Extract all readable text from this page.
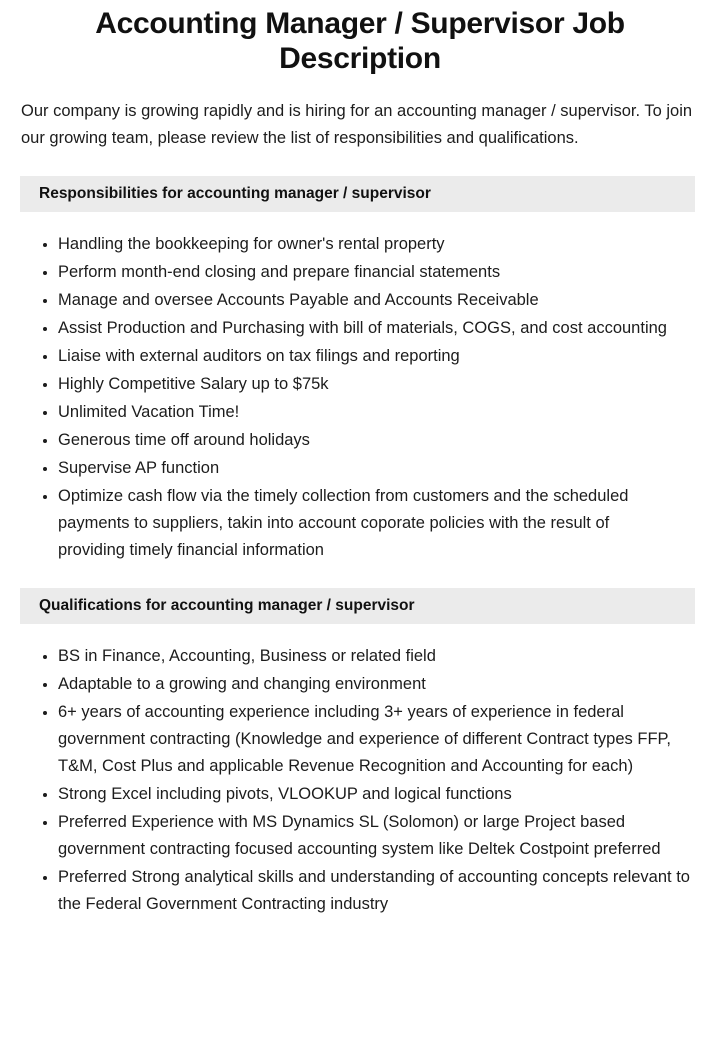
Accounting Manager / Supervisor Job Description

Our company is growing rapidly and is hiring for an accounting manager / supervisor. To join our growing team, please review the list of responsibilities and qualifications.

Responsibilities for accounting manager / supervisor
Handling the bookkeeping for owner's rental property
Perform month-end closing and prepare financial statements
Manage and oversee Accounts Payable and Accounts Receivable
Assist Production and Purchasing with bill of materials, COGS, and cost accounting
Liaise with external auditors on tax filings and reporting
Highly Competitive Salary up to $75k
Unlimited Vacation Time!
Generous time off around holidays
Supervise AP function
Optimize cash flow via the timely collection from customers and the scheduled payments to suppliers, takin into account coporate policies with the result of providing timely financial information
Qualifications for accounting manager / supervisor
BS in Finance, Accounting, Business or related field
Adaptable to a growing and changing environment
6+ years of accounting experience including 3+ years of experience in federal government contracting (Knowledge and experience of different Contract types FFP, T&M, Cost Plus and applicable Revenue Recognition and Accounting for each)
Strong Excel including pivots, VLOOKUP and logical functions
Preferred Experience with MS Dynamics SL (Solomon) or large Project based government contracting focused accounting system like Deltek Costpoint preferred
Preferred Strong analytical skills and understanding of accounting concepts relevant to the Federal Government Contracting industry
